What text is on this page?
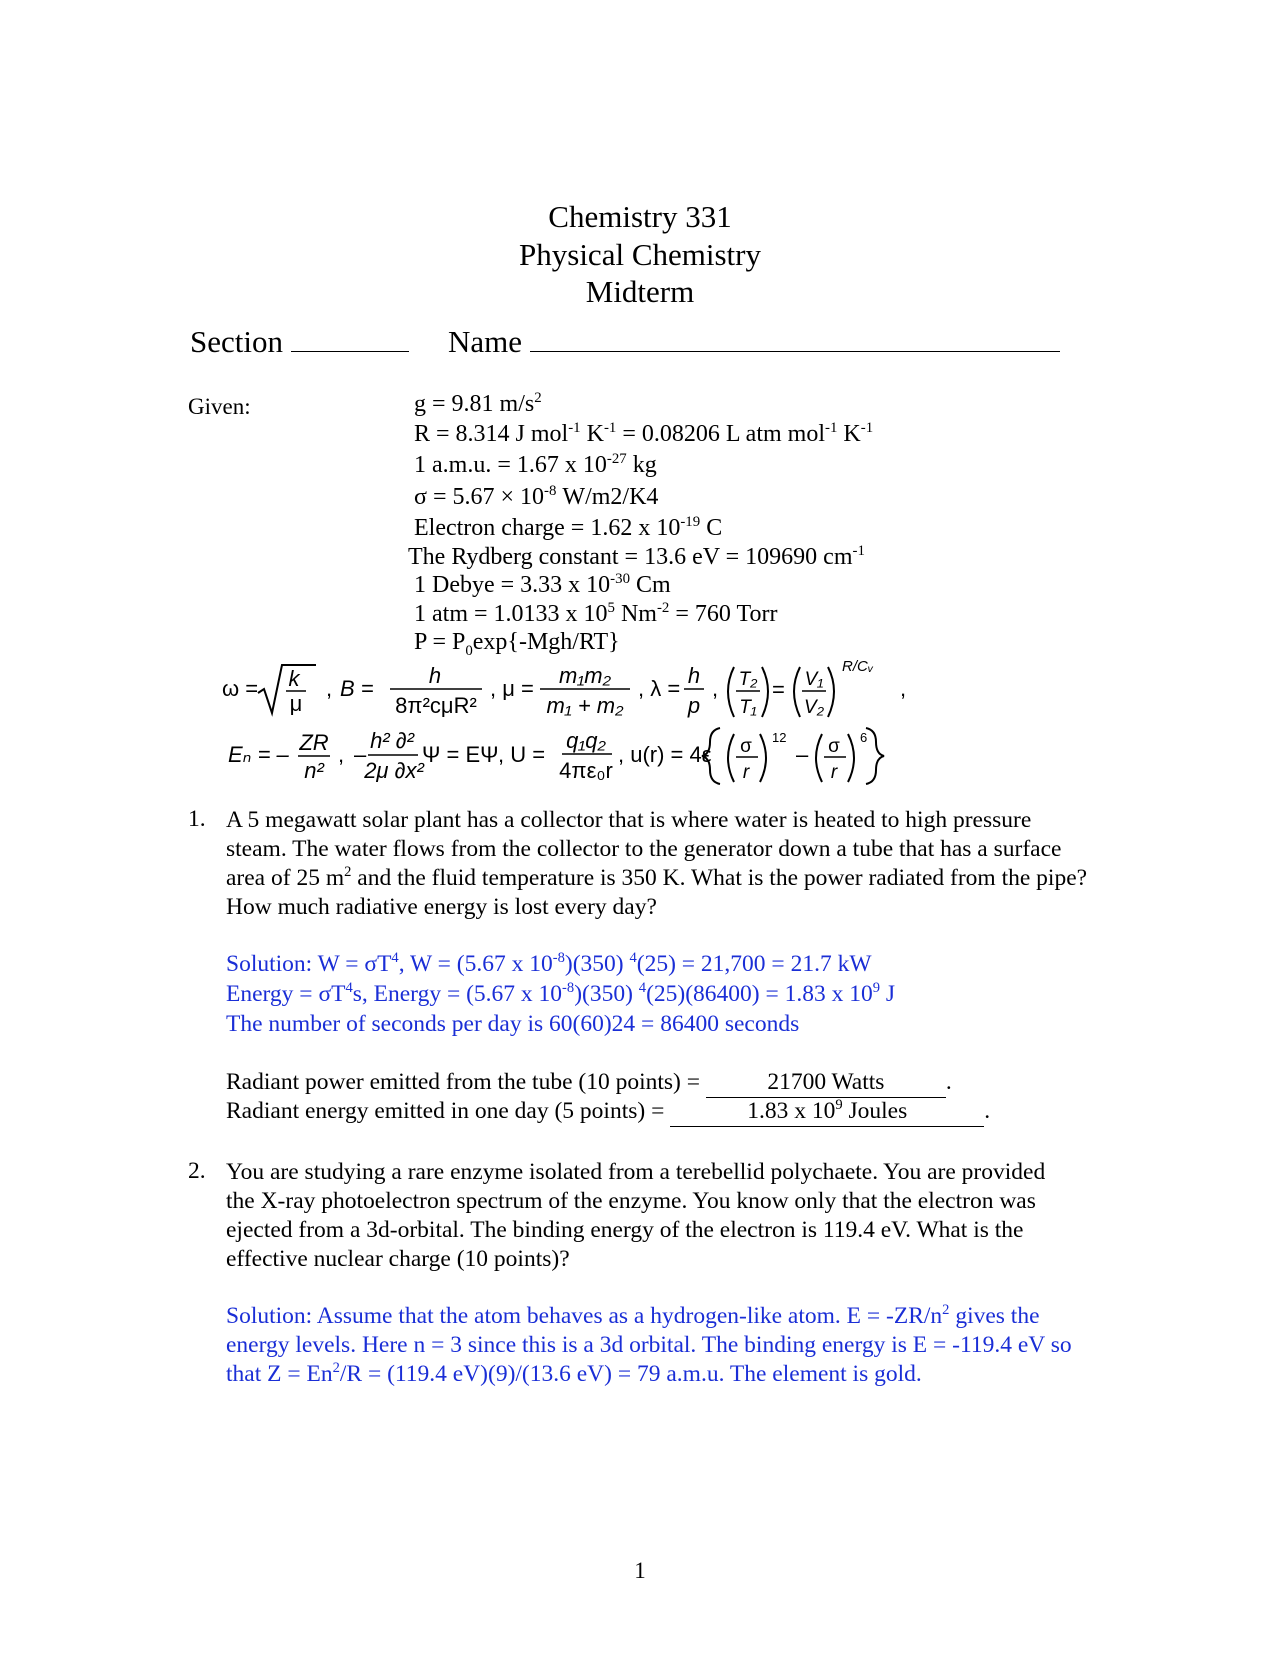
Chemistry 331
Physical Chemistry
Midterm
Section	Name
Given:	g = 9.81 $m/s^2$
R = 8.314 J mol$^{-1}$ $K^{-1} = 0.08206$ L atm mol$^{-1}$ $K^{-1}$
1 a.m.u. = 1.67 x $10^{-27}$ kg
$\sigma = 5.67 \times 10^{-8}$ W/m2/K4
Electron charge = 1.62 x $10^{-19}$ C
The Rydberg constant = 13.6 eV = 109690 $cm^{-1}$
1 Debye = 3.33 x $10^{-30}$ Cm
1 atm = 1.0133 x $10^5$ $Nm^{-2} = 760$ Torr
$P = P_0\exp\{-Mgh/RT\}$
ω = k
μ
, B =
h
8π²cμR²
, μ =
m₁m₂
m₁ + m₂
, λ =
h
p
, T₂
T₁
= V₁
V₂
R/Cᵥ
,
Eₙ = – ZR
n²
, –
h² ∂²
2μ ∂x²
Ψ = EΨ , U =
q₁q₂
4πε₀r
, u(r) = 4ε σ
r
12
– σ
r
6
1. A 5 megawatt solar plant has a collector that is where water is heated to high pressure steam. The water flows from the collector to the generator down a tube that has a surface area of 25 $m^2$ and the fluid temperature is 350 K. What is the power radiated from the pipe? How much radiative energy is lost every day?
Solution: $W = \sigma T^4$, W = (5.67 x $10^{-8})(350)$ $^4$(25) = 21,700 = 21.7 kW
Energy = $\sigma T^4s$, Energy = (5.67 x $10^{-8})(350)$ $^4$(25)(86400) = 1.83 x $10^9$ J
The number of seconds per day is 60(60)24 = 86400 seconds
Radiant power emitted from the tube (10 points) =	21700 Watts	.
Radiant energy emitted in one day (5 points) =	1.83 x $10^9$ Joules	.
2. You are studying a rare enzyme isolated from a terebellid polychaete. You are provided the X-ray photoelectron spectrum of the enzyme. You know only that the electron was ejected from a 3d-orbital. The binding energy of the electron is 119.4 eV. What is the effective nuclear charge (10 points)?
Solution: Assume that the atom behaves as a hydrogen-like atom. $E = -ZR/n^2$ gives the energy levels. Here n = 3 since this is a 3d orbital. The binding energy is E = -119.4 eV so that $Z = En^2/R = (119.4$ eV)(9)/(13.6 eV) = 79 a.m.u. The element is gold.
1
